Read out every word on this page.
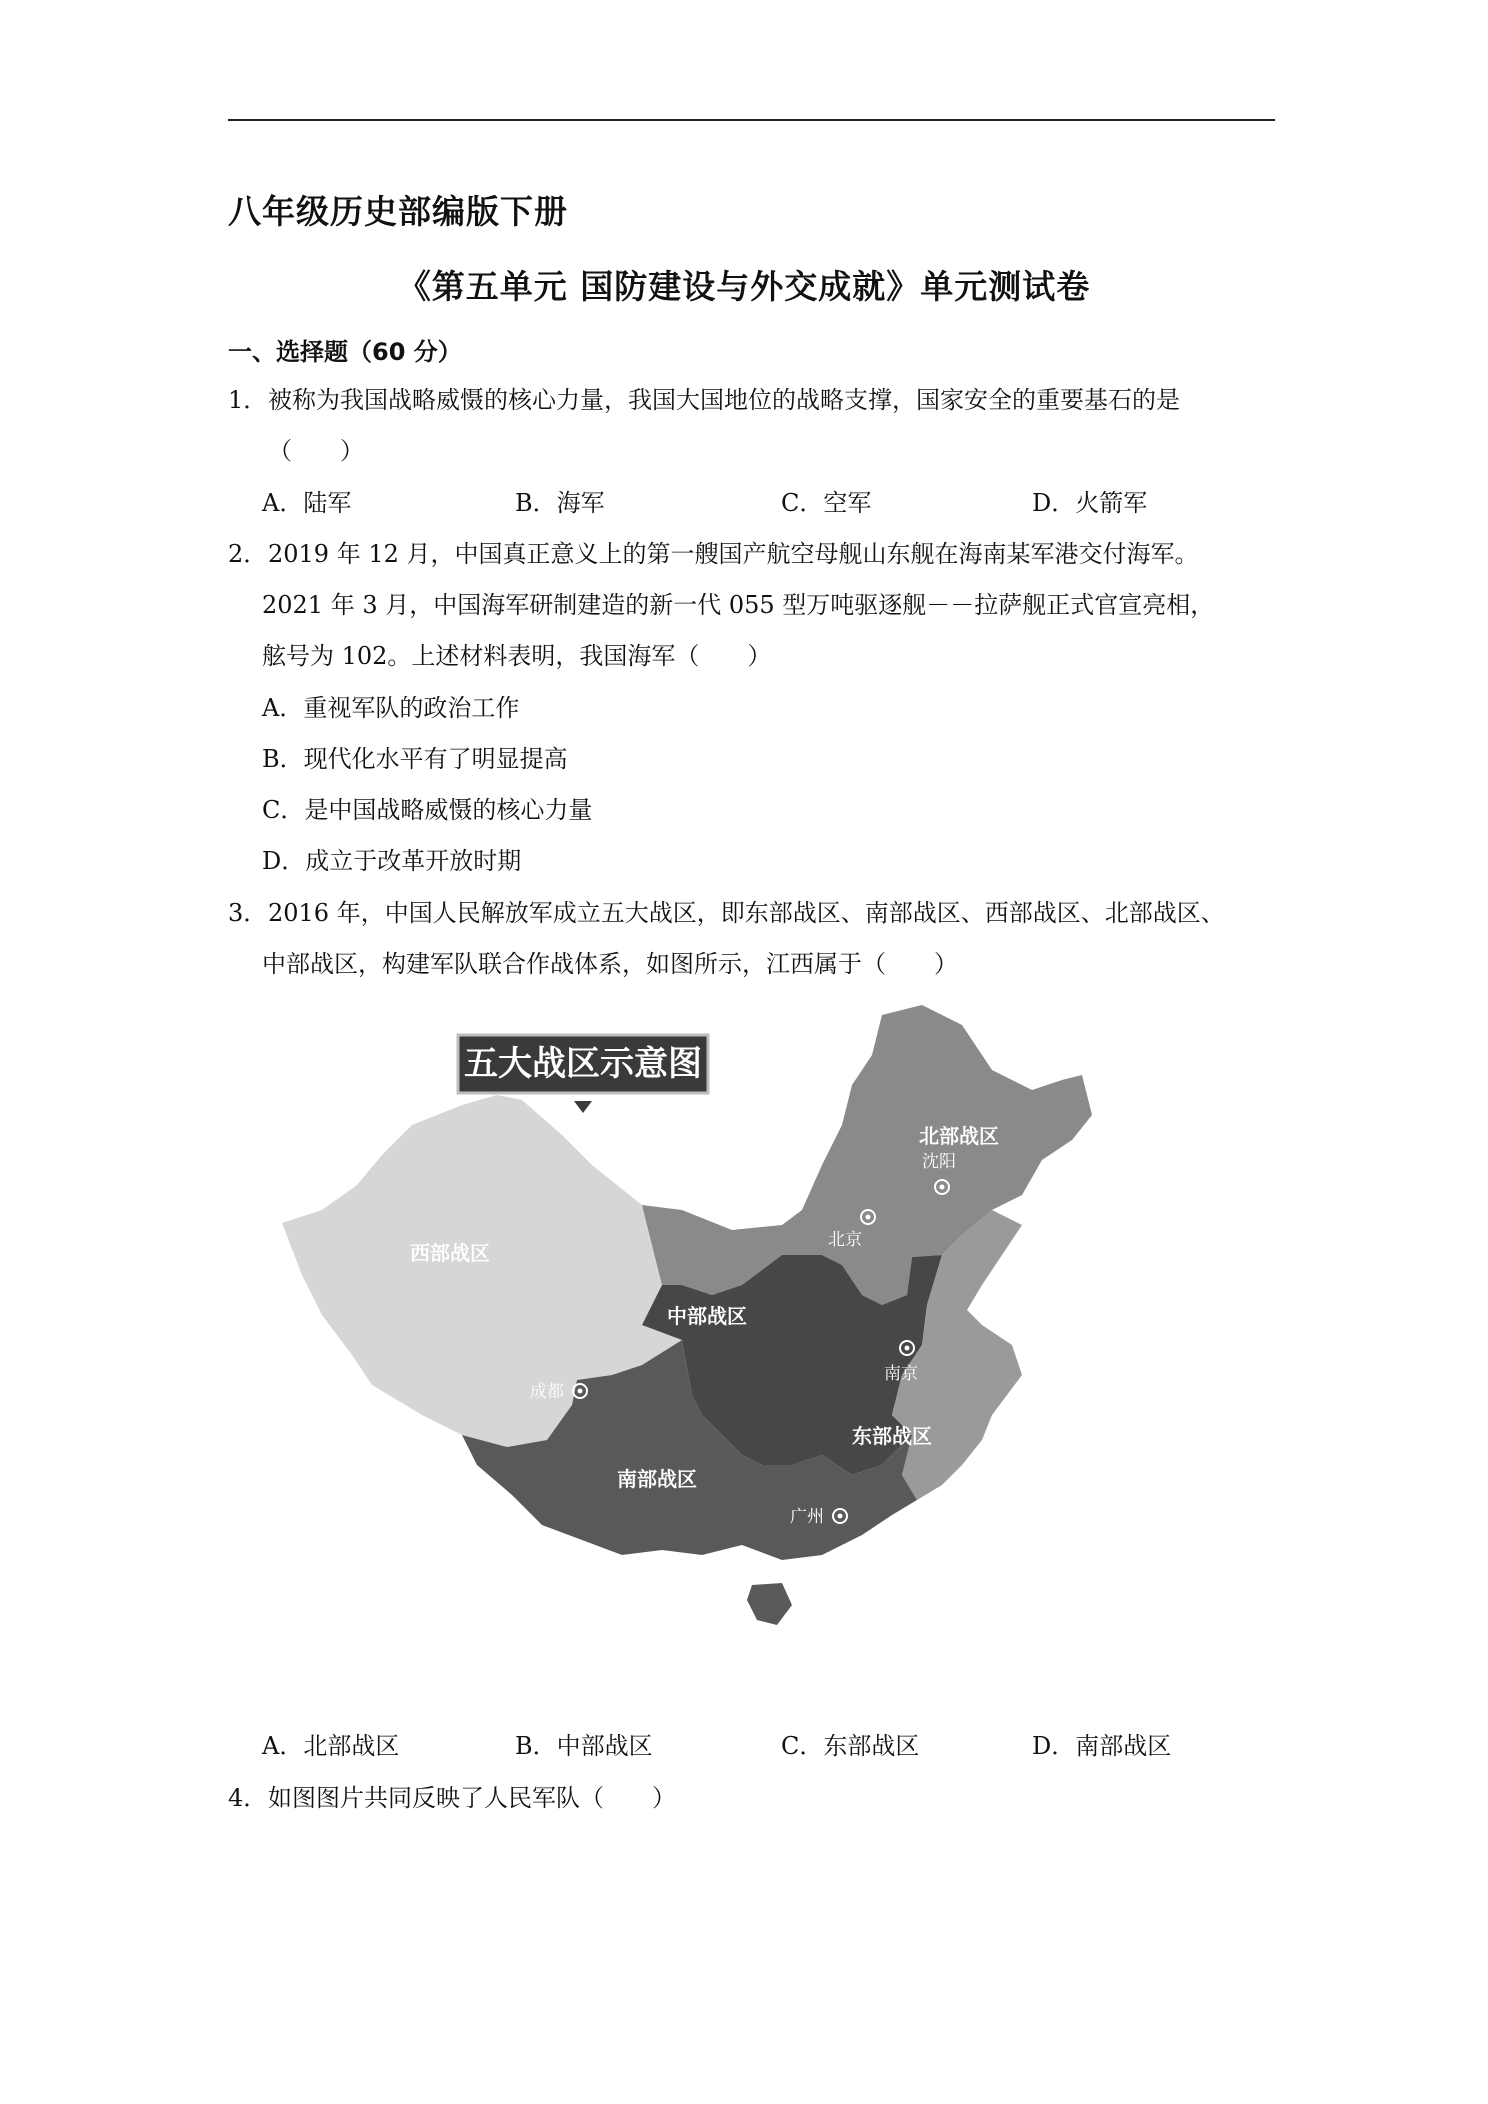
八年级历史部编版下册
《第五单元 国防建设与外交成就》单元测试卷
一、选择题（60 分）
1． 被称为我国战略威慑的核心力量，我国大国地位的战略支撑，国家安全的重要基石的是
（　　）
A．陆军	B．海军	C．空军	D．火箭军
2． 2019 年 12 月，中国真正意义上的第一艘国产航空母舰山东舰在海南某军港交付海军。
2021 年 3 月，中国海军研制建造的新一代 055 型万吨驱逐舰－－拉萨舰正式官宣亮相，
舷号为 102。上述材料表明，我国海军（　　）
A．重视军队的政治工作
B．现代化水平有了明显提高
C．是中国战略威慑的核心力量
D．成立于改革开放时期
3． 2016 年，中国人民解放军成立五大战区，即东部战区、南部战区、西部战区、北部战区、
中部战区，构建军队联合作战体系，如图所示，江西属于（　　）
五大战区示意图
北部战区
西部战区
中部战区
东部战区
南部战区
沈阳
北京
南京
成都
广州
A．北部战区	B．中部战区	C．东部战区	D．南部战区
4． 如图图片共同反映了人民军队（　　）
